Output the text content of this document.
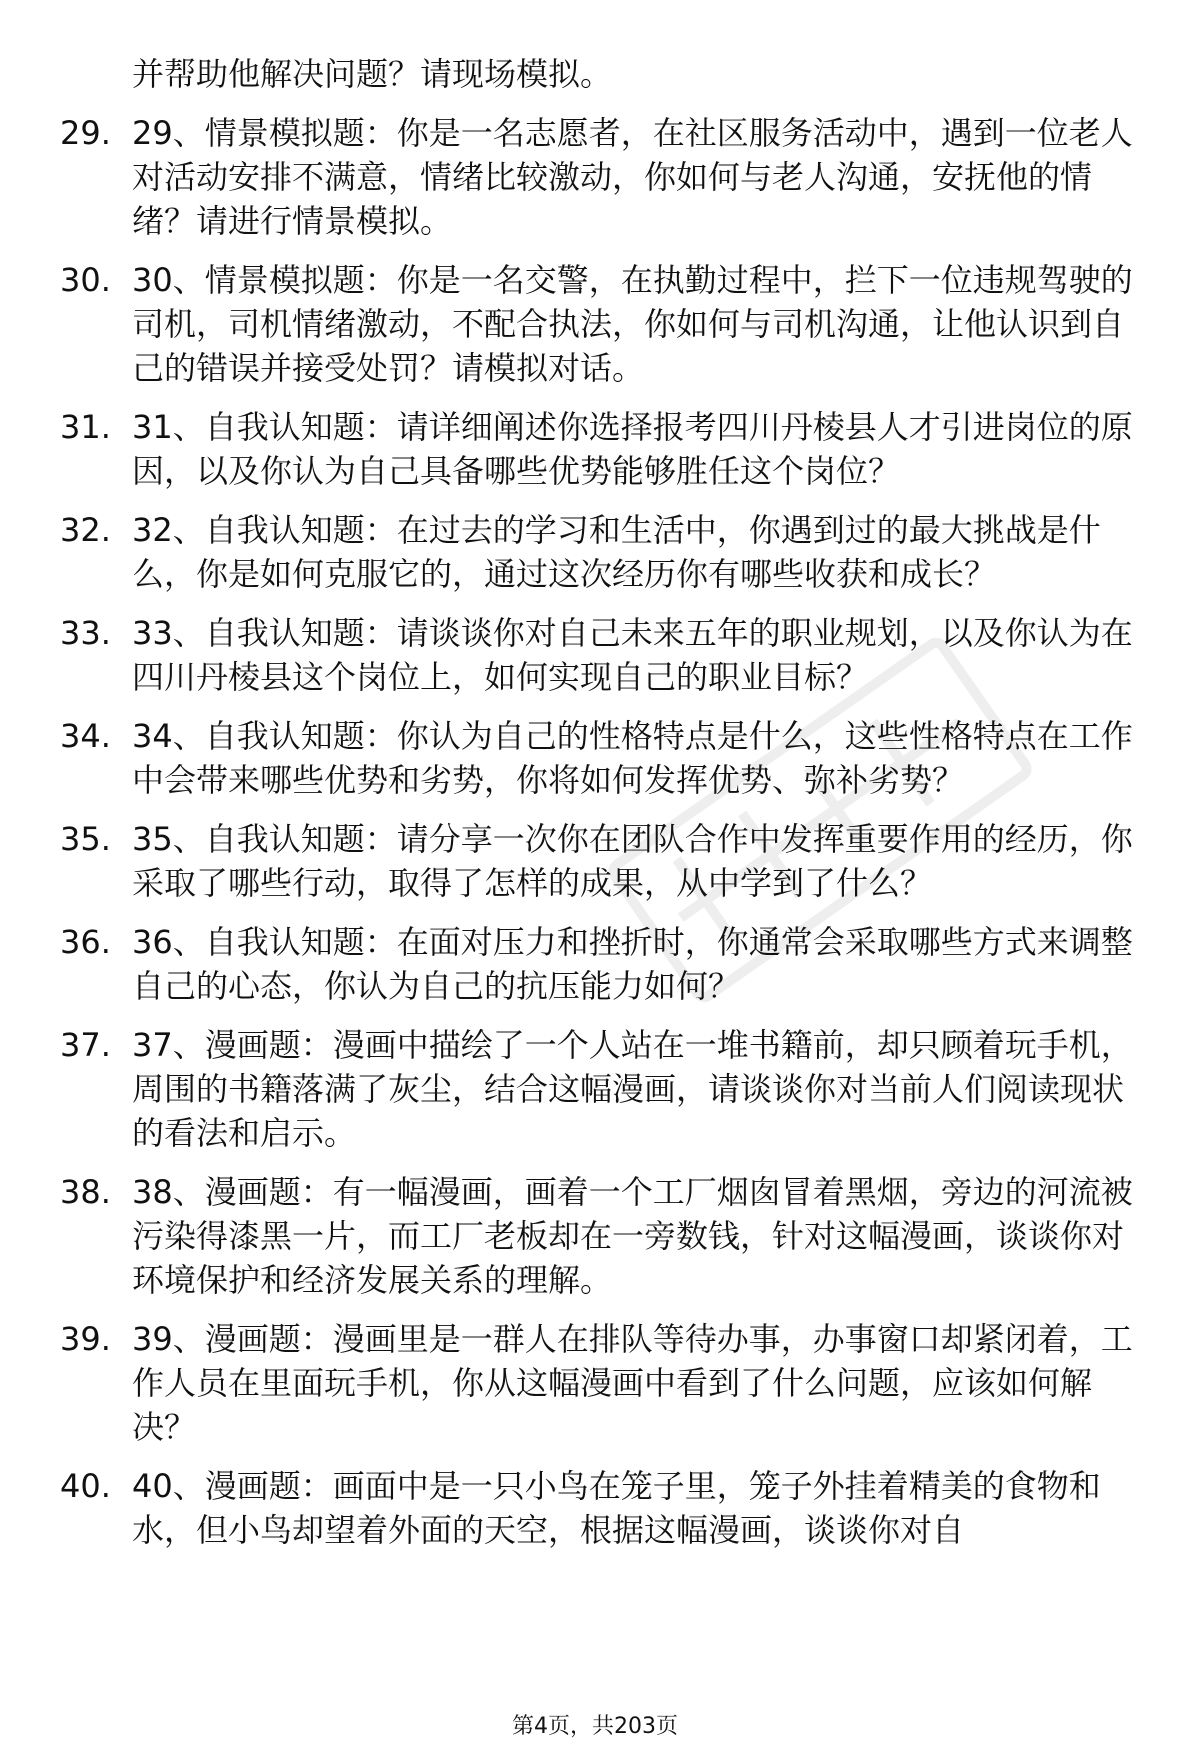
并帮助他解决问题？请现场模拟。

29. 29、情景模拟题：你是一名志愿者，在社区服务活动中，遇到一位老人对活动安排不满意，情绪比较激动，你如何与老人沟通，安抚他的情绪？请进行情景模拟。
30. 30、情景模拟题：你是一名交警，在执勤过程中，拦下一位违规驾驶的司机，司机情绪激动，不配合执法，你如何与司机沟通，让他认识到自己的错误并接受处罚？请模拟对话。
31. 31、自我认知题：请详细阐述你选择报考四川丹棱县人才引进岗位的原因，以及你认为自己具备哪些优势能够胜任这个岗位？
32. 32、自我认知题：在过去的学习和生活中，你遇到过的最大挑战是什么，你是如何克服它的，通过这次经历你有哪些收获和成长？
33. 33、自我认知题：请谈谈你对自己未来五年的职业规划，以及你认为在四川丹棱县这个岗位上，如何实现自己的职业目标？
34. 34、自我认知题：你认为自己的性格特点是什么，这些性格特点在工作中会带来哪些优势和劣势，你将如何发挥优势、弥补劣势？
35. 35、自我认知题：请分享一次你在团队合作中发挥重要作用的经历，你采取了哪些行动，取得了怎样的成果，从中学到了什么？
36. 36、自我认知题：在面对压力和挫折时，你通常会采取哪些方式来调整自己的心态，你认为自己的抗压能力如何？
37. 37、漫画题：漫画中描绘了一个人站在一堆书籍前，却只顾着玩手机，周围的书籍落满了灰尘，结合这幅漫画，请谈谈你对当前人们阅读现状的看法和启示。
38. 38、漫画题：有一幅漫画，画着一个工厂烟囱冒着黑烟，旁边的河流被污染得漆黑一片，而工厂老板却在一旁数钱，针对这幅漫画，谈谈你对环境保护和经济发展关系的理解。
39. 39、漫画题：漫画里是一群人在排队等待办事，办事窗口却紧闭着，工作人员在里面玩手机，你从这幅漫画中看到了什么问题，应该如何解决？
40. 40、漫画题：画面中是一只小鸟在笼子里，笼子外挂着精美的食物和水，但小鸟却望着外面的天空，根据这幅漫画，谈谈你对自
第4页，共203页
